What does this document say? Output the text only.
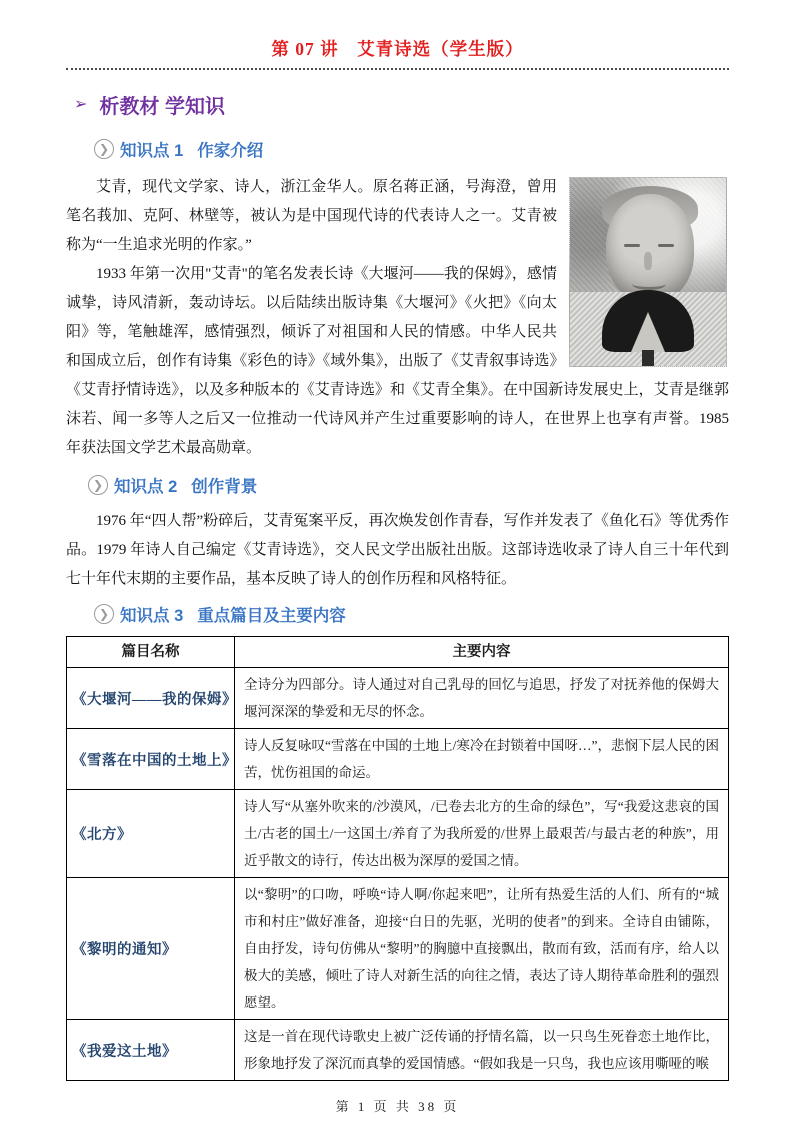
第 07 讲　艾青诗选（学生版）
➢ 析教材 学知识
❯ 知识点 1 作家介绍

艾青，现代文学家、诗人，浙江金华人。原名蒋正涵，号海澄，曾用笔名莪加、克阿、林壁等，被认为是中国现代诗的代表诗人之一。艾青被称为“一生追求光明的作家。”

1933 年第一次用"艾青"的笔名发表长诗《大堰河——我的保姆》，感情诚挚，诗风清新，轰动诗坛。以后陆续出版诗集《大堰河》《火把》《向太阳》等，笔触雄浑，感情强烈，倾诉了对祖国和人民的情感。中华人民共和国成立后，创作有诗集《彩色的诗》《域外集》，出版了《艾青叙事诗选》《艾青抒情诗选》，以及多种版本的《艾青诗选》和《艾青全集》。在中国新诗发展史上，艾青是继郭沫若、闻一多等人之后又一位推动一代诗风并产生过重要影响的诗人，在世界上也享有声誉。1985 年获法国文学艺术最高勋章。

❯ 知识点 2 创作背景

1976 年“四人帮”粉碎后，艾青冤案平反，再次焕发创作青春，写作并发表了《鱼化石》等优秀作品。1979 年诗人自己编定《艾青诗选》，交人民文学出版社出版。这部诗选收录了诗人自三十年代到七十年代末期的主要作品，基本反映了诗人的创作历程和风格特征。

❯ 知识点 3 重点篇目及主要内容
篇目名称	主要内容
《大堰河——我的保姆》	全诗分为四部分。诗人通过对自己乳母的回忆与追思，抒发了对抚养他的保姆大堰河深深的挚爱和无尽的怀念。
《雪落在中国的土地上》	诗人反复咏叹“雪落在中国的土地上/寒冷在封锁着中国呀…”，悲悯下层人民的困苦，忧伤祖国的命运。
《北方》	诗人写“从塞外吹来的/沙漠风，/已卷去北方的生命的绿色”，写“我爱这悲哀的国土/古老的国土/一这国土/养育了为我所爱的/世界上最艰苦/与最古老的种族”，用近乎散文的诗行，传达出极为深厚的爱国之情。
《黎明的通知》	以“黎明”的口吻，呼唤“诗人啊/你起来吧”，让所有热爱生活的人们、所有的“城市和村庄”做好准备，迎接“白日的先驱，光明的使者”的到来。全诗自由铺陈，自由抒发，诗句仿佛从“黎明”的胸臆中直接飘出，散而有致，活而有序，给人以极大的美感，倾吐了诗人对新生活的向往之情，表达了诗人期待革命胜利的强烈愿望。
《我爱这土地》	这是一首在现代诗歌史上被广泛传诵的抒情名篇，以一只鸟生死眷恋土地作比，形象地抒发了深沉而真挚的爱国情感。“假如我是一只鸟，我也应该用嘶哑的喉
第 1 页 共 38 页
